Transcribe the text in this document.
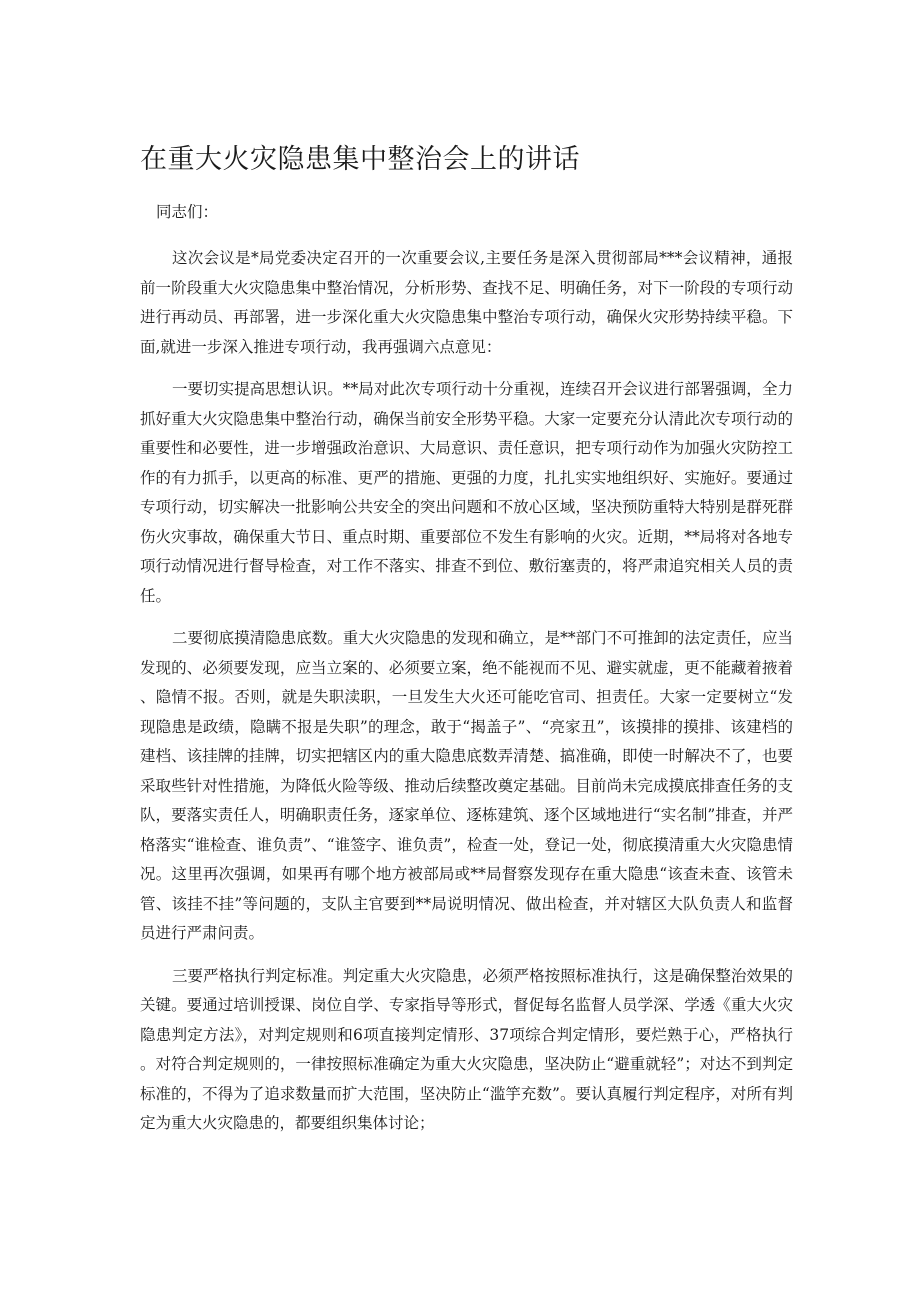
在重大火灾隐患集中整治会上的讲话

同志们：

这次会议是*局党委决定召开的一次重要会议,主要任务是深入贯彻部局***会议精神，通报前一阶段重大火灾隐患集中整治情况，分析形势、查找不足、明确任务，对下一阶段的专项行动进行再动员、再部署，进一步深化重大火灾隐患集中整治专项行动，确保火灾形势持续平稳。下面,就进一步深入推进专项行动，我再强调六点意见：

一要切实提高思想认识。**局对此次专项行动十分重视，连续召开会议进行部署强调，全力抓好重大火灾隐患集中整治行动，确保当前安全形势平稳。大家一定要充分认清此次专项行动的重要性和必要性，进一步增强政治意识、大局意识、责任意识，把专项行动作为加强火灾防控工作的有力抓手，以更高的标准、更严的措施、更强的力度，扎扎实实地组织好、实施好。要通过专项行动，切实解决一批影响公共安全的突出问题和不放心区域，坚决预防重特大特别是群死群伤火灾事故，确保重大节日、重点时期、重要部位不发生有影响的火灾。近期，**局将对各地专项行动情况进行督导检查，对工作不落实、排查不到位、敷衍塞责的，将严肃追究相关人员的责任。

二要彻底摸清隐患底数。重大火灾隐患的发现和确立，是**部门不可推卸的法定责任，应当发现的、必须要发现，应当立案的、必须要立案，绝不能视而不见、避实就虚，更不能藏着掖着、隐情不报。否则，就是失职渎职，一旦发生大火还可能吃官司、担责任。大家一定要树立“发现隐患是政绩，隐瞒不报是失职”的理念，敢于“揭盖子”、“亮家丑”，该摸排的摸排、该建档的建档、该挂牌的挂牌，切实把辖区内的重大隐患底数弄清楚、搞准确，即使一时解决不了，也要采取些针对性措施，为降低火险等级、推动后续整改奠定基础。目前尚未完成摸底排查任务的支队，要落实责任人，明确职责任务，逐家单位、逐栋建筑、逐个区域地进行“实名制”排查，并严格落实“谁检查、谁负责”、“谁签字、谁负责”，检查一处，登记一处，彻底摸清重大火灾隐患情况。这里再次强调，如果再有哪个地方被部局或**局督察发现存在重大隐患“该查未查、该管未管、该挂不挂”等问题的，支队主官要到**局说明情况、做出检查，并对辖区大队负责人和监督员进行严肃问责。

三要严格执行判定标准。判定重大火灾隐患，必须严格按照标准执行，这是确保整治效果的关键。要通过培训授课、岗位自学、专家指导等形式，督促每名监督人员学深、学透《重大火灾隐患判定方法》，对判定规则和6项直接判定情形、37项综合判定情形，要烂熟于心，严格执行。对符合判定规则的，一律按照标准确定为重大火灾隐患，坚决防止“避重就轻”；对达不到判定标准的，不得为了追求数量而扩大范围，坚决防止“滥竽充数”。要认真履行判定程序，对所有判定为重大火灾隐患的，都要组织集体讨论；
